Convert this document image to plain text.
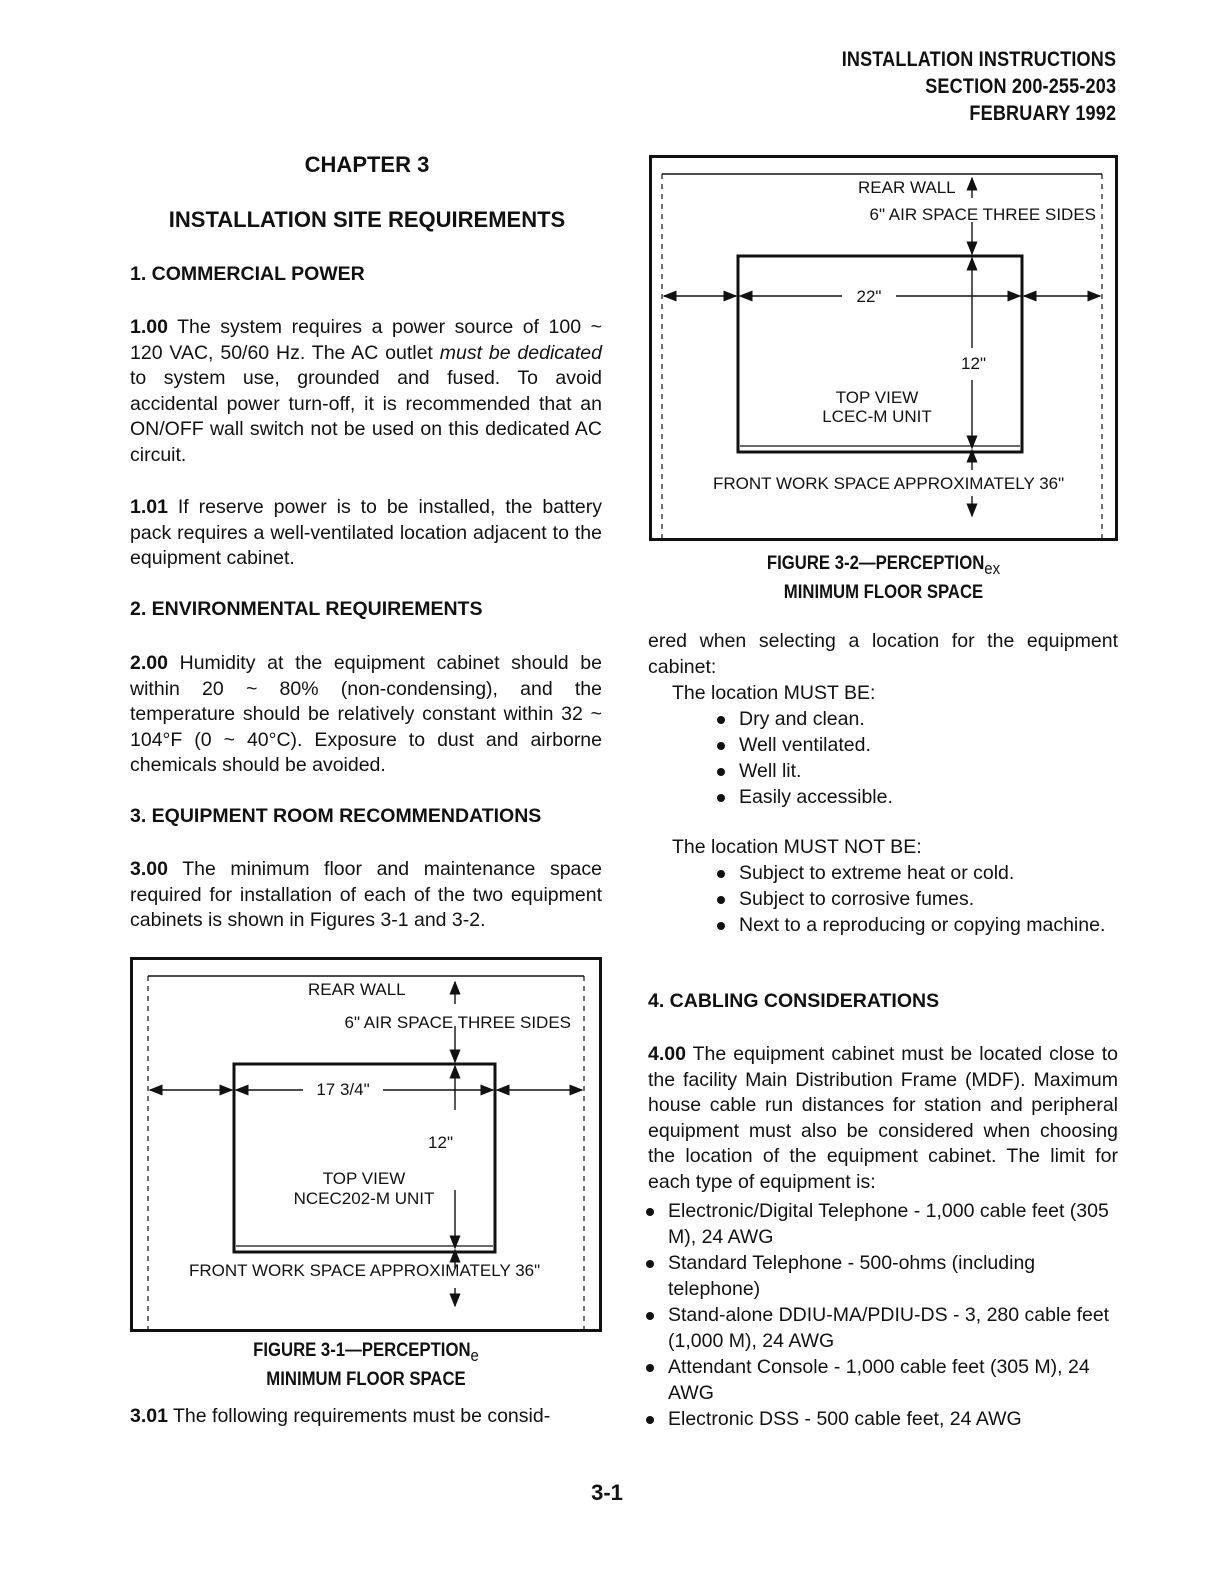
INSTALLATION INSTRUCTIONS
SECTION 200-255-203
FEBRUARY 1992
CHAPTER 3
INSTALLATION SITE REQUIREMENTS
1. COMMERCIAL POWER
1.00 The system requires a power source of 100 ~ 120 VAC, 50/60 Hz. The AC outlet must be dedicated to system use, grounded and fused. To avoid accidental power turn-off, it is recommended that an ON/OFF wall switch not be used on this dedicated AC circuit.
1.01 If reserve power is to be installed, the battery pack requires a well-ventilated location adjacent to the equipment cabinet.
2. ENVIRONMENTAL REQUIREMENTS
2.00 Humidity at the equipment cabinet should be within 20 ~ 80% (non-condensing), and the temperature should be relatively constant within 32 ~ 104°F (0 ~ 40°C). Exposure to dust and airborne chemicals should be avoided.
3. EQUIPMENT ROOM RECOMMENDATIONS
3.00 The minimum floor and maintenance space required for installation of each of the two equipment cabinets is shown in Figures 3-1 and 3-2.
REAR WALL
6" AIR SPACE THREE SIDES
17 3/4"
12"
TOP VIEW
NCEC202-M UNIT
FRONT WORK SPACE APPROXIMATELY 36"
FIGURE $3-1—PERCEPTION_e$
MINIMUM FLOOR SPACE
3.01 The following requirements must be consid-
REAR WALL
6" AIR SPACE THREE SIDES
22"
12"
TOP VIEW
LCEC-M UNIT
FRONT WORK SPACE APPROXIMATELY 36"
FIGURE $3-2—PERCEPTION_{ex}$
MINIMUM FLOOR SPACE
ered when selecting a location for the equipment cabinet:
The location MUST BE:
Dry and clean.
Well ventilated.
Well lit.
Easily accessible.
The location MUST NOT BE:
Subject to extreme heat or cold.
Subject to corrosive fumes.
Next to a reproducing or copying machine.
4. CABLING CONSIDERATIONS
4.00 The equipment cabinet must be located close to the facility Main Distribution Frame (MDF). Maximum house cable run distances for station and peripheral equipment must also be considered when choosing the location of the equipment cabinet. The limit for each type of equipment is:
Electronic/Digital Telephone - 1,000 cable feet (305 M), 24 AWG
Standard Telephone - 500-ohms (including telephone)
Stand-alone DDIU-MA/PDIU-DS - 3, 280 cable feet (1,000 M), 24 AWG
Attendant Console - 1,000 cable feet (305 M), 24 AWG
Electronic DSS - 500 cable feet, 24 AWG
3-1
